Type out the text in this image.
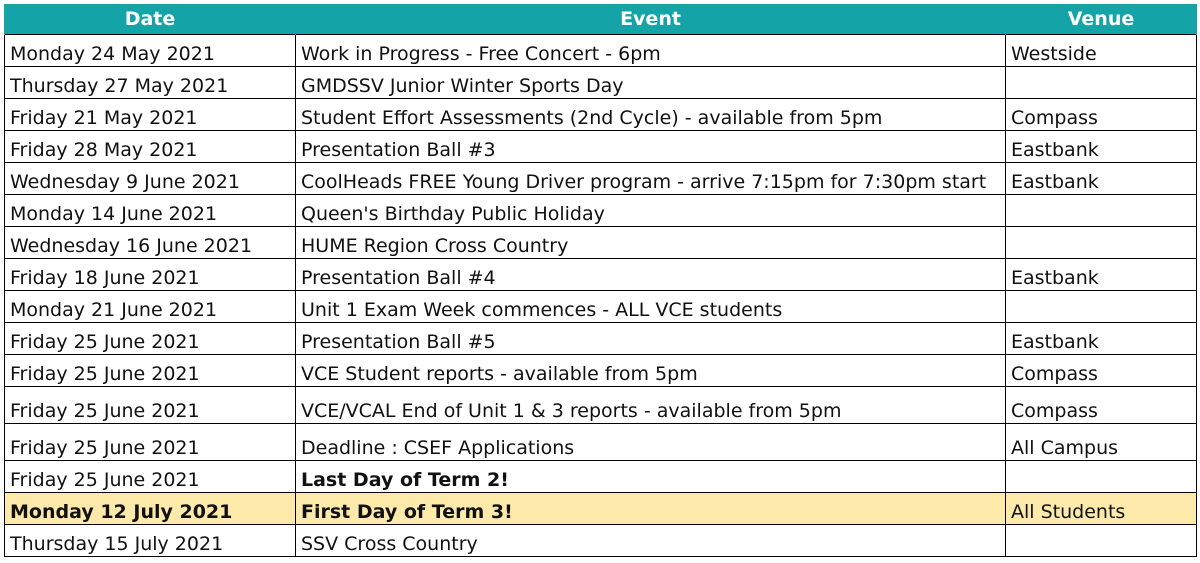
Date	Event	Venue
Monday 24 May 2021	Work in Progress - Free Concert - 6pm	Westside
Thursday 27 May 2021	GMDSSV Junior Winter Sports Day	
Friday 21 May 2021	Student Effort Assessments (2nd Cycle) - available from 5pm	Compass
Friday 28 May 2021	Presentation Ball #3	Eastbank
Wednesday 9 June 2021	CoolHeads FREE Young Driver program - arrive 7:15pm for 7:30pm start	Eastbank
Monday 14 June 2021	Queen's Birthday Public Holiday	
Wednesday 16 June 2021	HUME Region Cross Country	
Friday 18 June 2021	Presentation Ball #4	Eastbank
Monday 21 June 2021	Unit 1 Exam Week commences - ALL VCE students	
Friday 25 June 2021	Presentation Ball #5	Eastbank
Friday 25 June 2021	VCE Student reports - available from 5pm	Compass
Friday 25 June 2021	VCE/VCAL End of Unit 1 & 3 reports - available from 5pm	Compass
Friday 25 June 2021	Deadline : CSEF Applications	All Campus
Friday 25 June 2021	Last Day of Term 2!	
Monday 12 July 2021	First Day of Term 3!	All Students
Thursday 15 July 2021	SSV Cross Country	
